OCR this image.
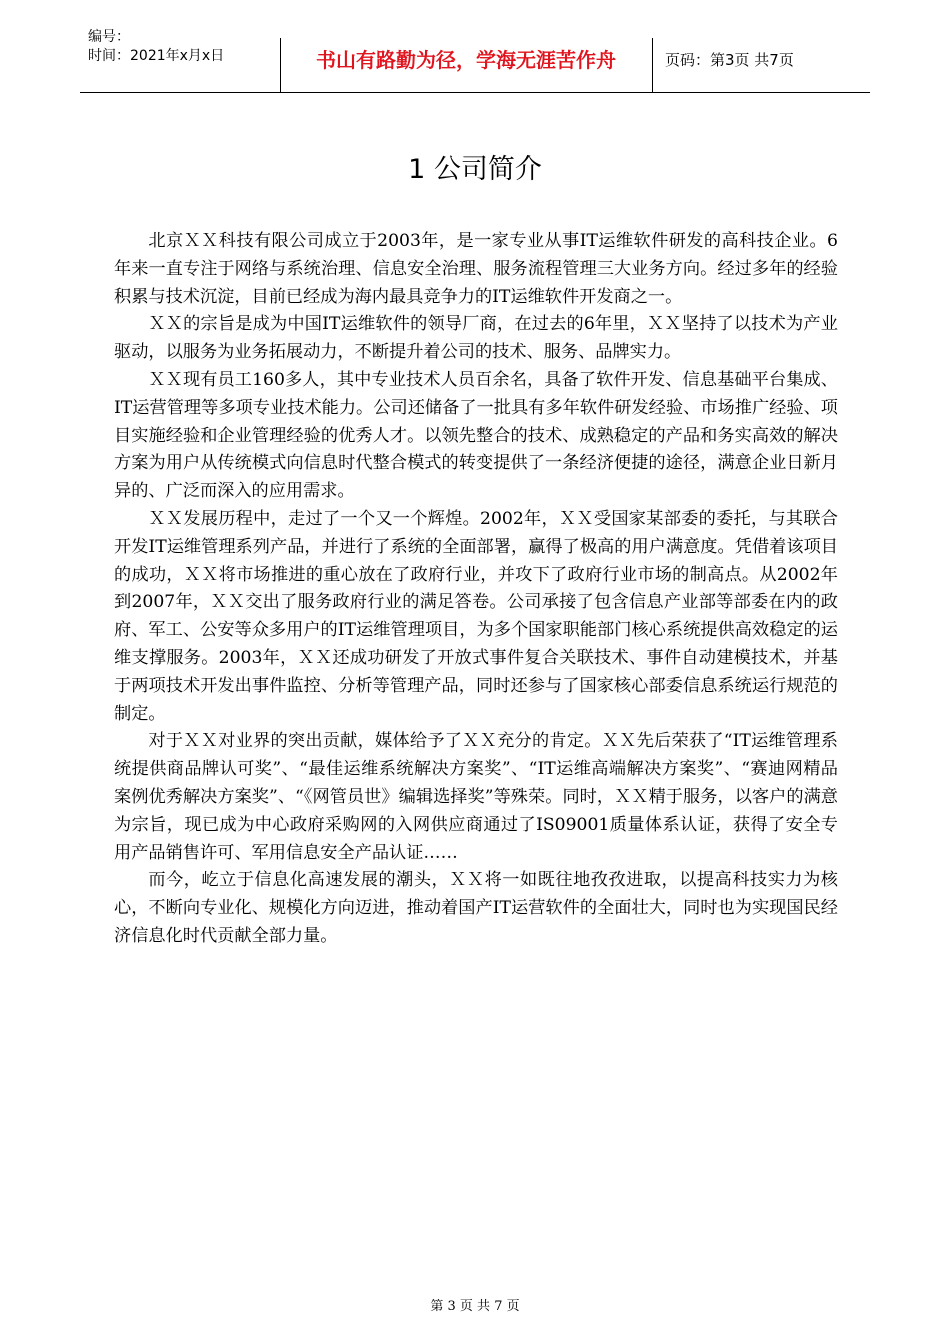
编号：
时间：2021年x月x日	书山有路勤为径，学海无涯苦作舟	页码：第3页 共7页
1 公司简介

北京ＸＸ科技有限公司成立于2003年，是一家专业从事IT运维软件研发的高科技企业。6年来一直专注于网络与系统治理、信息安全治理、服务流程管理三大业务方向。经过多年的经验积累与技术沉淀，目前已经成为海内最具竞争力的IT运维软件开发商之一。

ＸＸ的宗旨是成为中国IT运维软件的领导厂商，在过去的6年里，ＸＸ坚持了以技术为产业驱动，以服务为业务拓展动力，不断提升着公司的技术、服务、品牌实力。

ＸＸ现有员工160多人，其中专业技术人员百余名，具备了软件开发、信息基础平台集成、IT运营管理等多项专业技术能力。公司还储备了一批具有多年软件研发经验、市场推广经验、项目实施经验和企业管理经验的优秀人才。以领先整合的技术、成熟稳定的产品和务实高效的解决方案为用户从传统模式向信息时代整合模式的转变提供了一条经济便捷的途径，满意企业日新月异的、广泛而深入的应用需求。

ＸＸ发展历程中，走过了一个又一个辉煌。2002年，ＸＸ受国家某部委的委托，与其联合开发IT运维管理系列产品，并进行了系统的全面部署，赢得了极高的用户满意度。凭借着该项目的成功，ＸＸ将市场推进的重心放在了政府行业，并攻下了政府行业市场的制高点。从2002年到2007年，ＸＸ交出了服务政府行业的满足答卷。公司承接了包含信息产业部等部委在内的政府、军工、公安等众多用户的IT运维管理项目，为多个国家职能部门核心系统提供高效稳定的运维支撑服务。2003年，ＸＸ还成功研发了开放式事件复合关联技术、事件自动建模技术，并基于两项技术开发出事件监控、分析等管理产品，同时还参与了国家核心部委信息系统运行规范的制定。

对于ＸＸ对业界的突出贡献，媒体给予了ＸＸ充分的肯定。ＸＸ先后荣获了“IT运维管理系统提供商品牌认可奖”、“最佳运维系统解决方案奖”、“IT运维高端解决方案奖”、“赛迪网精品案例优秀解决方案奖”、“《网管员世》编辑选择奖”等殊荣。同时，ＸＸ精于服务，以客户的满意为宗旨，现已成为中心政府采购网的入网供应商通过了IS09001质量体系认证，获得了安全专用产品销售许可、军用信息安全产品认证……

而今，屹立于信息化高速发展的潮头，ＸＸ将一如既往地孜孜进取，以提高科技实力为核心，不断向专业化、规模化方向迈进，推动着国产IT运营软件的全面壮大，同时也为实现国民经济信息化时代贡献全部力量。

第 3 页 共 7 页
